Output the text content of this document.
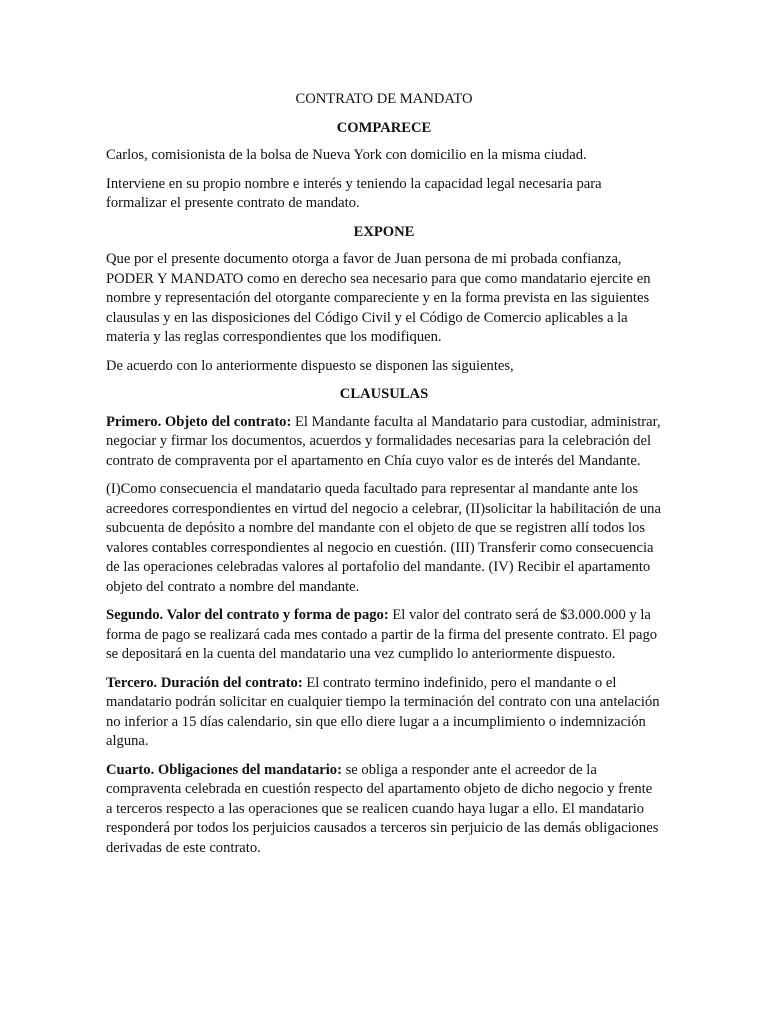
CONTRATO DE MANDATO
COMPARECE

Carlos, comisionista de la bolsa de Nueva York con domicilio en la misma ciudad.

Interviene en su propio nombre e interés y teniendo la capacidad legal necesaria para formalizar el presente contrato de mandato.

EXPONE

Que por el presente documento otorga a favor de Juan persona de mi probada confianza, PODER Y MANDATO como en derecho sea necesario para que como mandatario ejercite en nombre y representación del otorgante compareciente y en la forma prevista en las siguientes clausulas y en las disposiciones del Código Civil y el Código de Comercio aplicables a la materia y las reglas correspondientes que los modifiquen.

De acuerdo con lo anteriormente dispuesto se disponen las siguientes,

CLAUSULAS

Primero. Objeto del contrato: El Mandante faculta al Mandatario para custodiar, administrar, negociar y firmar los documentos, acuerdos y formalidades necesarias para la celebración del contrato de compraventa por el apartamento en Chía cuyo valor es de interés del Mandante.

(I)Como consecuencia el mandatario queda facultado para representar al mandante ante los acreedores correspondientes en virtud del negocio a celebrar, (II)solicitar la habilitación de una subcuenta de depósito a nombre del mandante con el objeto de que se registren allí todos los valores contables correspondientes al negocio en cuestión. (III) Transferir como consecuencia de las operaciones celebradas valores al portafolio del mandante. (IV) Recibir el apartamento objeto del contrato a nombre del mandante.

Segundo. Valor del contrato y forma de pago: El valor del contrato será de $3.000.000 y la forma de pago se realizará cada mes contado a partir de la firma del presente contrato. El pago se depositará en la cuenta del mandatario una vez cumplido lo anteriormente dispuesto.

Tercero. Duración del contrato: El contrato termino indefinido, pero el mandante o el mandatario podrán solicitar en cualquier tiempo la terminación del contrato con una antelación no inferior a 15 días calendario, sin que ello diere lugar a a incumplimiento o indemnización alguna.

Cuarto. Obligaciones del mandatario: se obliga a responder ante el acreedor de la compraventa celebrada en cuestión respecto del apartamento objeto de dicho negocio y frente a terceros respecto a las operaciones que se realicen cuando haya lugar a ello. El mandatario responderá por todos los perjuicios causados a terceros sin perjuicio de las demás obligaciones derivadas de este contrato.
